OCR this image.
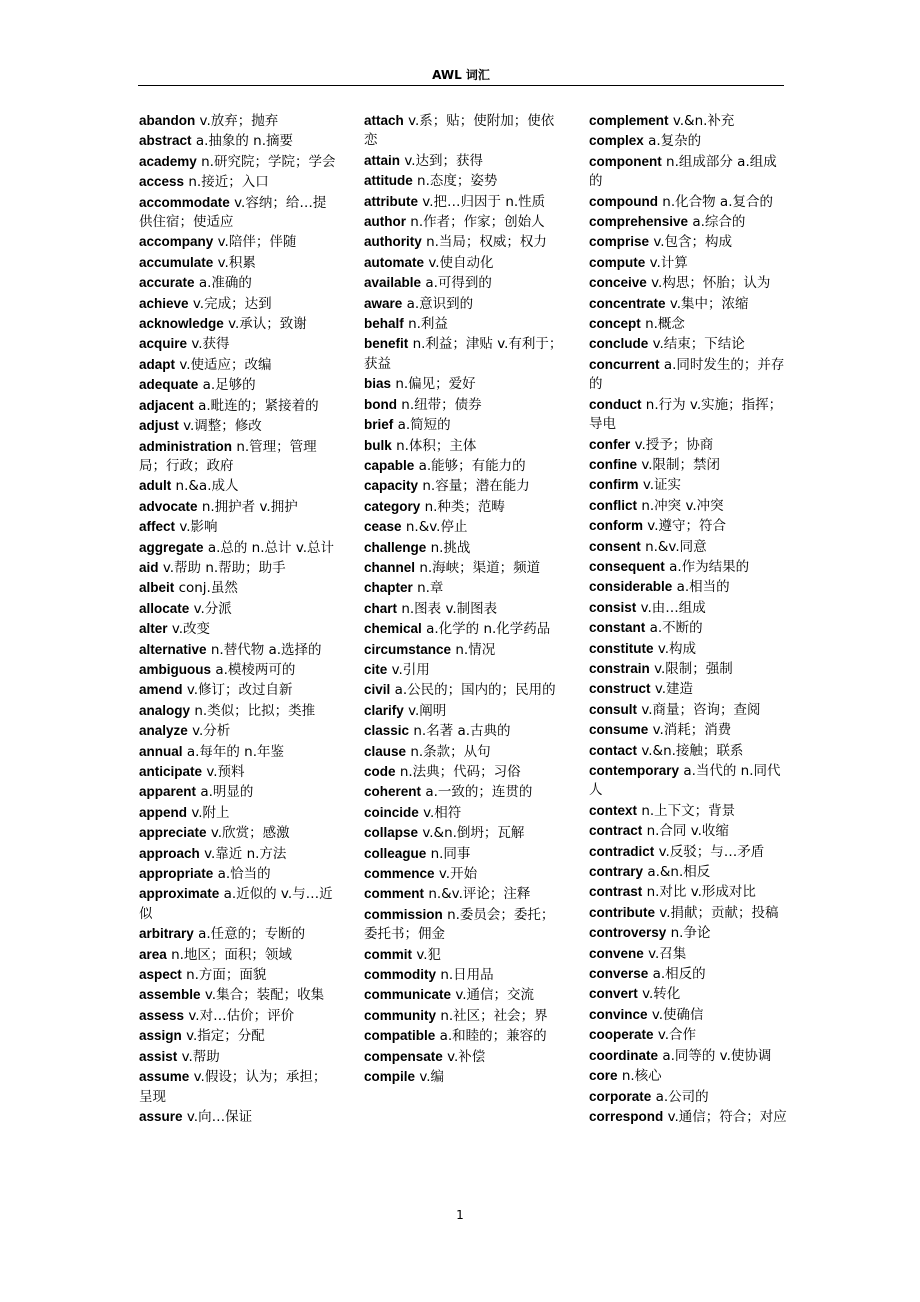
AWL 词汇
abandon v.放弃；抛弃
abstract a.抽象的 n.摘要
academy n.研究院；学院；学会
access n.接近；入口
accommodate v.容纳；给…提供住宿；使适应
accompany v.陪伴；伴随
accumulate v.积累
accurate a.准确的
achieve v.完成；达到
acknowledge v.承认；致谢
acquire v.获得
adapt v.使适应；改编
adequate a.足够的
adjacent a.毗连的；紧接着的
adjust v.调整；修改
administration n.管理；管理局；行政；政府
adult n.&a.成人
advocate n.拥护者 v.拥护
affect v.影响
aggregate a.总的 n.总计 v.总计
aid v.帮助 n.帮助；助手
albeit conj.虽然
allocate v.分派
alter v.改变
alternative n.替代物 a.选择的
ambiguous a.模棱两可的
amend v.修订；改过自新
analogy n.类似；比拟；类推
analyze v.分析
annual a.每年的 n.年鉴
anticipate v.预料
apparent a.明显的
append v.附上
appreciate v.欣赏；感激
approach v.靠近 n.方法
appropriate a.恰当的
approximate a.近似的 v.与…近似
arbitrary a.任意的；专断的
area n.地区；面积；领域
aspect n.方面；面貌
assemble v.集合；装配；收集
assess v.对…估价；评价
assign v.指定；分配
assist v.帮助
assume v.假设；认为；承担；呈现
assure v.向…保证
attach v.系；贴；使附加；使依恋
attain v.达到；获得
attitude n.态度；姿势
attribute v.把…归因于 n.性质
author n.作者；作家；创始人
authority n.当局；权威；权力
automate v.使自动化
available a.可得到的
aware a.意识到的
behalf n.利益
benefit n.利益；津贴 v.有利于；获益
bias n.偏见；爱好
bond n.纽带；债券
brief a.简短的
bulk n.体积；主体
capable a.能够；有能力的
capacity n.容量；潜在能力
category n.种类；范畴
cease n.&v.停止
challenge n.挑战
channel n.海峡；渠道；频道
chapter n.章
chart n.图表 v.制图表
chemical a.化学的 n.化学药品
circumstance n.情况
cite v.引用
civil a.公民的；国内的；民用的
clarify v.阐明
classic n.名著 a.古典的
clause n.条款；从句
code n.法典；代码；习俗
coherent a.一致的；连贯的
coincide v.相符
collapse v.&n.倒坍；瓦解
colleague n.同事
commence v.开始
comment n.&v.评论；注释
commission n.委员会；委托；委托书；佣金
commit v.犯
commodity n.日用品
communicate v.通信；交流
community n.社区；社会；界
compatible a.和睦的；兼容的
compensate v.补偿
compile v.编
complement v.&n.补充
complex a.复杂的
component n.组成部分 a.组成的
compound n.化合物 a.复合的
comprehensive a.综合的
comprise v.包含；构成
compute v.计算
conceive v.构思；怀胎；认为
concentrate v.集中；浓缩
concept n.概念
conclude v.结束；下结论
concurrent a.同时发生的；并存的
conduct n.行为 v.实施；指挥；导电
confer v.授予；协商
confine v.限制；禁闭
confirm v.证实
conflict n.冲突 v.冲突
conform v.遵守；符合
consent n.&v.同意
consequent a.作为结果的
considerable a.相当的
consist v.由…组成
constant a.不断的
constitute v.构成
constrain v.限制；强制
construct v.建造
consult v.商量；咨询；查阅
consume v.消耗；消费
contact v.&n.接触；联系
contemporary a.当代的 n.同代人
context n.上下文；背景
contract n.合同 v.收缩
contradict v.反驳；与…矛盾
contrary a.&n.相反
contrast n.对比 v.形成对比
contribute v.捐献；贡献；投稿
controversy n.争论
convene v.召集
converse a.相反的
convert v.转化
convince v.使确信
cooperate v.合作
coordinate a.同等的 v.使协调
core n.核心
corporate a.公司的
correspond v.通信；符合；对应
1
